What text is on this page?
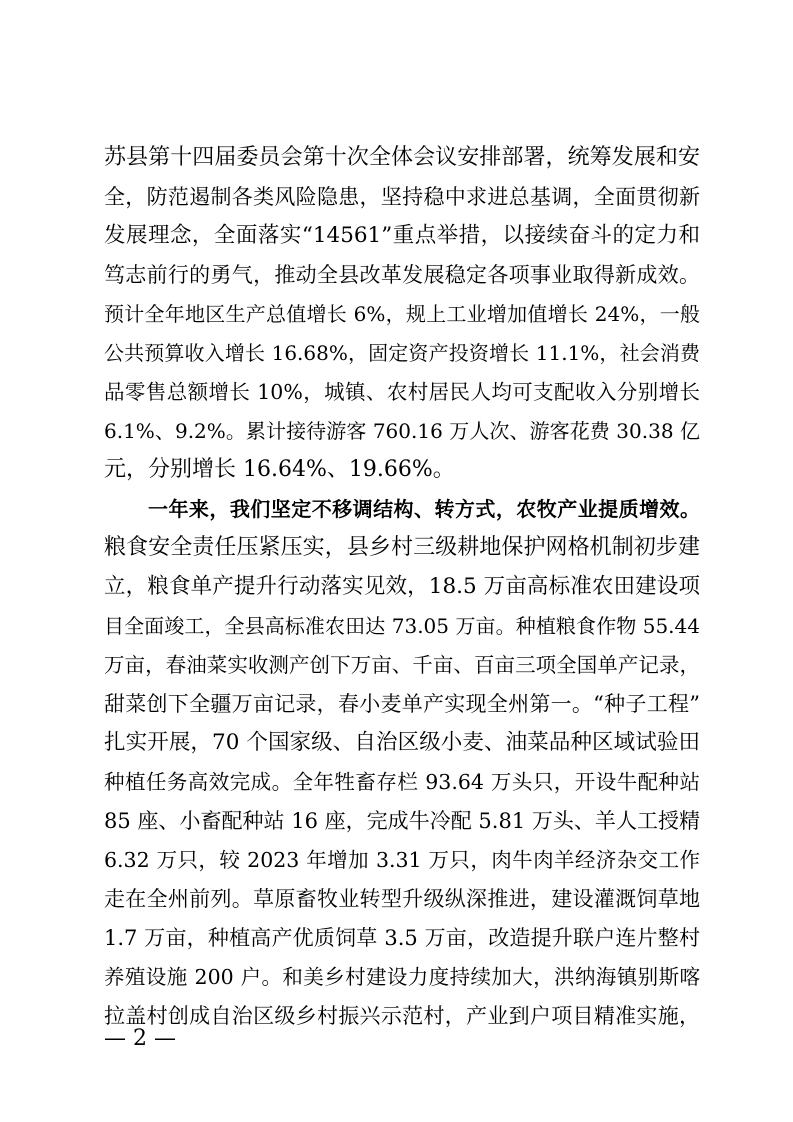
苏县第十四届委员会第十次全体会议安排部署，统筹发展和安
全，防范遏制各类风险隐患，坚持稳中求进总基调，全面贯彻新
发展理念，全面落实“14561”重点举措，以接续奋斗的定力和
笃志前行的勇气，推动全县改革发展稳定各项事业取得新成效。
预计全年地区生产总值增长 6%，规上工业增加值增长 24%，一般
公共预算收入增长 16.68%，固定资产投资增长 11.1%，社会消费
品零售总额增长 10%，城镇、农村居民人均可支配收入分别增长
6.1%、9.2%。累计接待游客 760.16 万人次、游客花费 30.38 亿
元，分别增长 16.64%、19.66%。
一年来，我们坚定不移调结构、转方式，农牧产业提质增效。
粮食安全责任压紧压实，县乡村三级耕地保护网格机制初步建
立，粮食单产提升行动落实见效，18.5 万亩高标准农田建设项
目全面竣工，全县高标准农田达 73.05 万亩。种植粮食作物 55.44
万亩，春油菜实收测产创下万亩、千亩、百亩三项全国单产记录，
甜菜创下全疆万亩记录，春小麦单产实现全州第一。“种子工程”
扎实开展，70 个国家级、自治区级小麦、油菜品种区域试验田
种植任务高效完成。全年牲畜存栏 93.64 万头只，开设牛配种站
85 座、小畜配种站 16 座，完成牛冷配 5.81 万头、羊人工授精
6.32 万只，较 2023 年增加 3.31 万只，肉牛肉羊经济杂交工作
走在全州前列。草原畜牧业转型升级纵深推进，建设灌溉饲草地
1.7 万亩，种植高产优质饲草 3.5 万亩，改造提升联户连片整村
养殖设施 200 户。和美乡村建设力度持续加大，洪纳海镇别斯喀
拉盖村创成自治区级乡村振兴示范村，产业到户项目精准实施，
— 2 —
